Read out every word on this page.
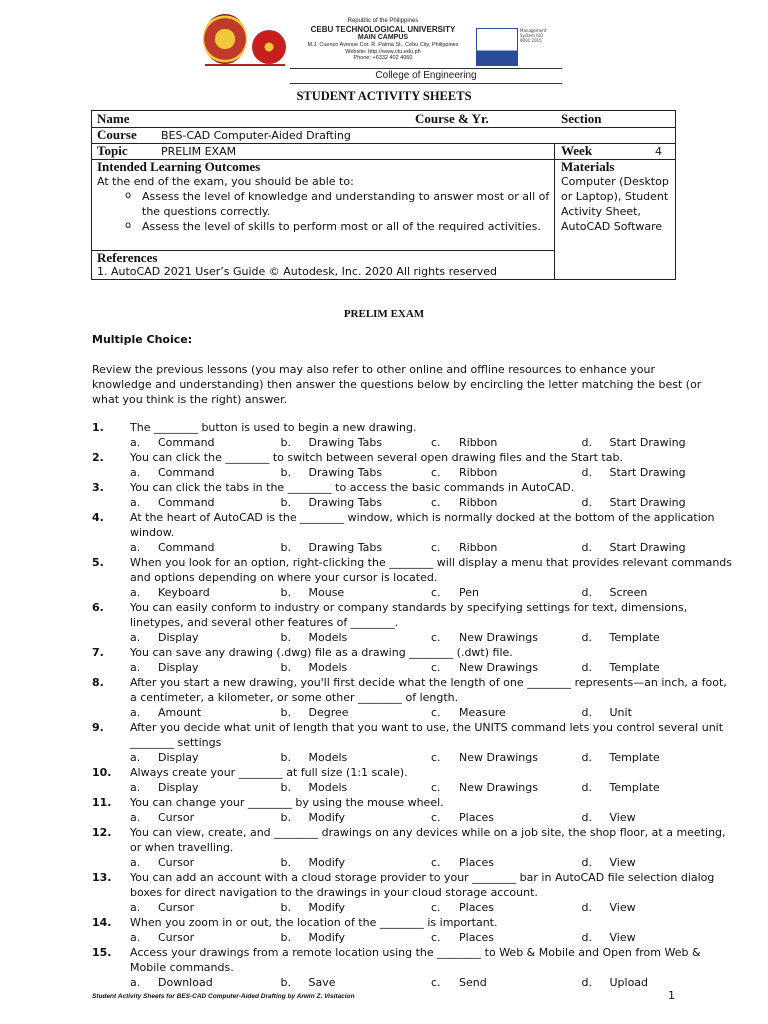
Republic of the Philippines
CEBU TECHNOLOGICAL UNIVERSITY
MAIN CAMPUS
M.J. Cuenco Avenue Cor. R. Palma St., Cebu City, Philippines
Website: http://www.ctu.edu.ph
Phone: +6332 402 4060
Management System ISO 9001:2015
College of Engineering
STUDENT ACTIVITY SHEETS
Name	Course & Yr.	Section
Course BES-CAD Computer-Aided Drafting
Topic	PRELIM EXAM	Week	4
Intended Learning Outcomes
At the end of the exam, you should be able to:
o Assess the level of knowledge and understanding to answer most or all of the questions correctly.
o Assess the level of skills to perform most or all of the required activities.
Materials
Computer (Desktop or Laptop), Student Activity Sheet, AutoCAD Software
References
1. AutoCAD 2021 User’s Guide © Autodesk, Inc. 2020 All rights reserved
PRELIM EXAM
Multiple Choice:
Review the previous lessons (you may also refer to other online and offline resources to enhance your knowledge and understanding) then answer the questions below by encircling the letter matching the best (or what you think is the right) answer.
1.	The ________ button is used to begin a new drawing.
a.	Command	b.	Drawing Tabs	c.	Ribbon	d.	Start Drawing
2.	You can click the ________ to switch between several open drawing files and the Start tab.
a.	Command	b.	Drawing Tabs	c.	Ribbon	d.	Start Drawing
3.	You can click the tabs in the ________ to access the basic commands in AutoCAD.
a.	Command	b.	Drawing Tabs	c.	Ribbon	d.	Start Drawing
4.	At the heart of AutoCAD is the ________ window, which is normally docked at the bottom of the application window.
a.	Command	b.	Drawing Tabs	c.	Ribbon	d.	Start Drawing
5.	When you look for an option, right-clicking the ________ will display a menu that provides relevant commands and options depending on where your cursor is located.
a.	Keyboard	b.	Mouse	c.	Pen	d.	Screen
6.	You can easily conform to industry or company standards by specifying settings for text, dimensions, linetypes, and several other features of ________.
a.	Display	b.	Models	c.	New Drawings	d.	Template
7.	You can save any drawing (.dwg) file as a drawing ________ (.dwt) file.
a.	Display	b.	Models	c.	New Drawings	d.	Template
8.	After you start a new drawing, you'll first decide what the length of one ________ represents—an inch, a foot, a centimeter, a kilometer, or some other ________ of length.
a.	Amount	b.	Degree	c.	Measure	d.	Unit
9.	After you decide what unit of length that you want to use, the UNITS command lets you control several unit ________ settings
a.	Display	b.	Models	c.	New Drawings	d.	Template
10.	Always create your ________ at full size (1:1 scale).
a.	Display	b.	Models	c.	New Drawings	d.	Template
11.	You can change your ________ by using the mouse wheel.
a.	Cursor	b.	Modify	c.	Places	d.	View
12.	You can view, create, and ________ drawings on any devices while on a job site, the shop floor, at a meeting, or when travelling.
a.	Cursor	b.	Modify	c.	Places	d.	View
13.	You can add an account with a cloud storage provider to your ________ bar in AutoCAD file selection dialog boxes for direct navigation to the drawings in your cloud storage account.
a.	Cursor	b.	Modify	c.	Places	d.	View
14.	When you zoom in or out, the location of the ________ is important.
a.	Cursor	b.	Modify	c.	Places	d.	View
15.	Access your drawings from a remote location using the ________ to Web & Mobile and Open from Web & Mobile commands.
a.	Download	b.	Save	c.	Send	d.	Upload
Student Activity Sheets for BES-CAD Computer-Aided Drafting by Arwin Z. Visitacion	1
